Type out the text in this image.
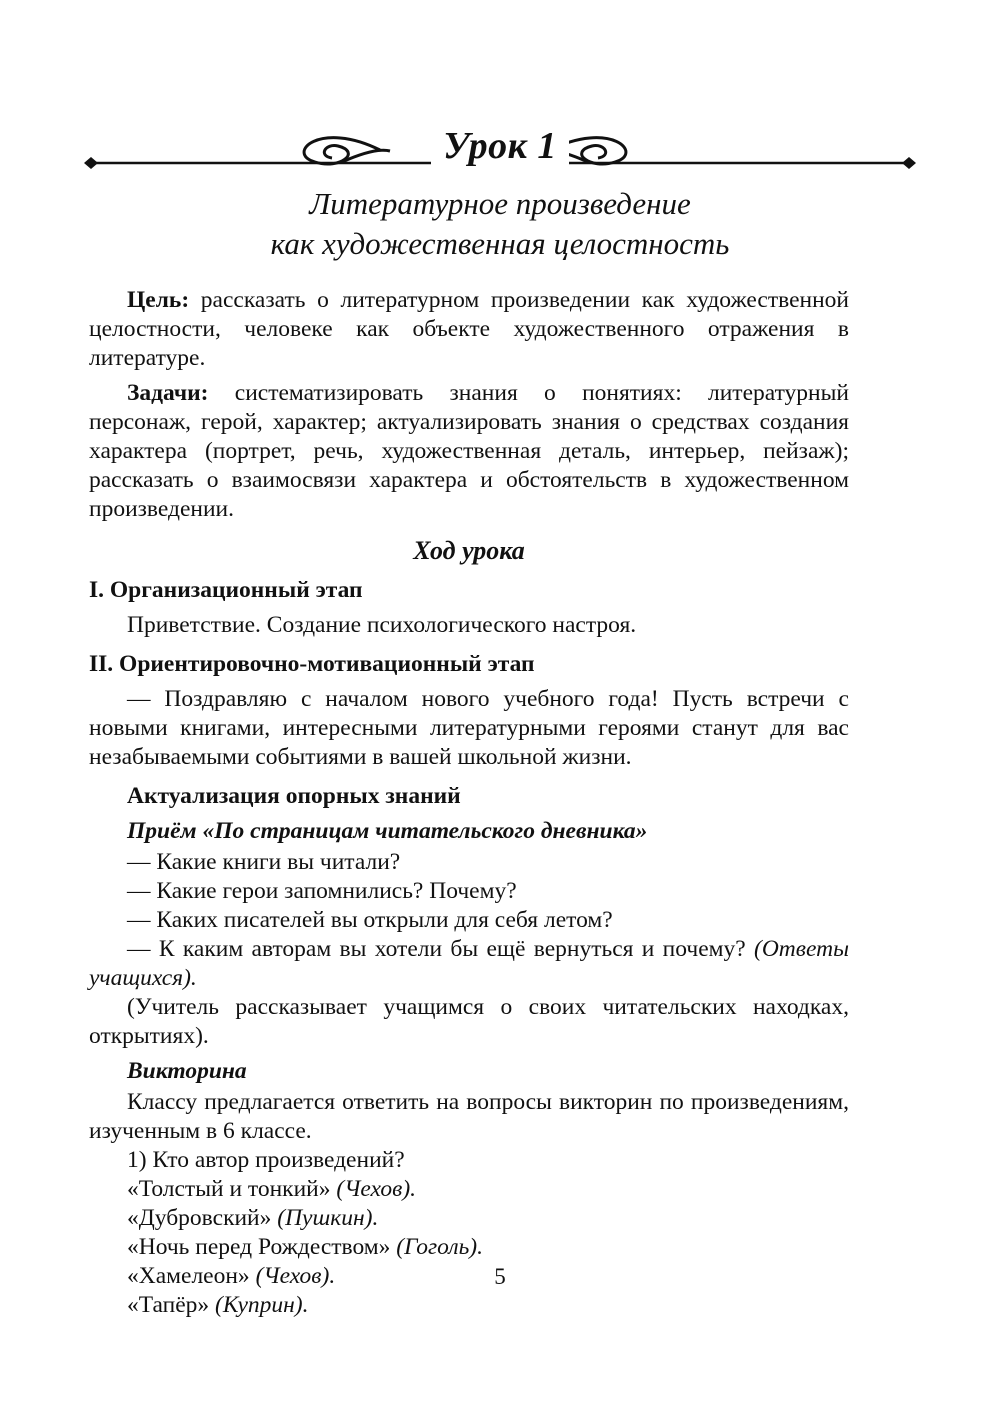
Урок 1
Литературное произведение
как художественная целостность

Цель: рассказать о литературном произведении как художественной целостности, человеке как объекте художественного отражения в литературе.

Задачи: систематизировать знания о понятиях: литературный персонаж, герой, характер; актуализировать знания о средствах создания характера (портрет, речь, художественная деталь, интерьер, пейзаж); рассказать о взаимосвязи характера и обстоятельств в художественном произведении.

Ход урока

I. Организационный этап

Приветствие. Создание психологического настроя.

II. Ориентировочно-мотивационный этап

— Поздравляю с началом нового учебного года! Пусть встречи с новыми книгами, интересными литературными героями станут для вас незабываемыми событиями в вашей школьной жизни.

Актуализация опорных знаний

Приём «По страницам читательского дневника»

— Какие книги вы читали?

— Какие герои запомнились? Почему?

— Каких писателей вы открыли для себя летом?

— К каким авторам вы хотели бы ещё вернуться и почему? (Ответы учащихся).

(Учитель рассказывает учащимся о своих читательских находках, открытиях).

Викторина

Классу предлагается ответить на вопросы викторин по произведениям, изученным в 6 классе.

1) Кто автор произведений?

«Толстый и тонкий» (Чехов).

«Дубровский» (Пушкин).

«Ночь перед Рождеством» (Гоголь).

«Хамелеон» (Чехов).

«Тапёр» (Куприн).

5
